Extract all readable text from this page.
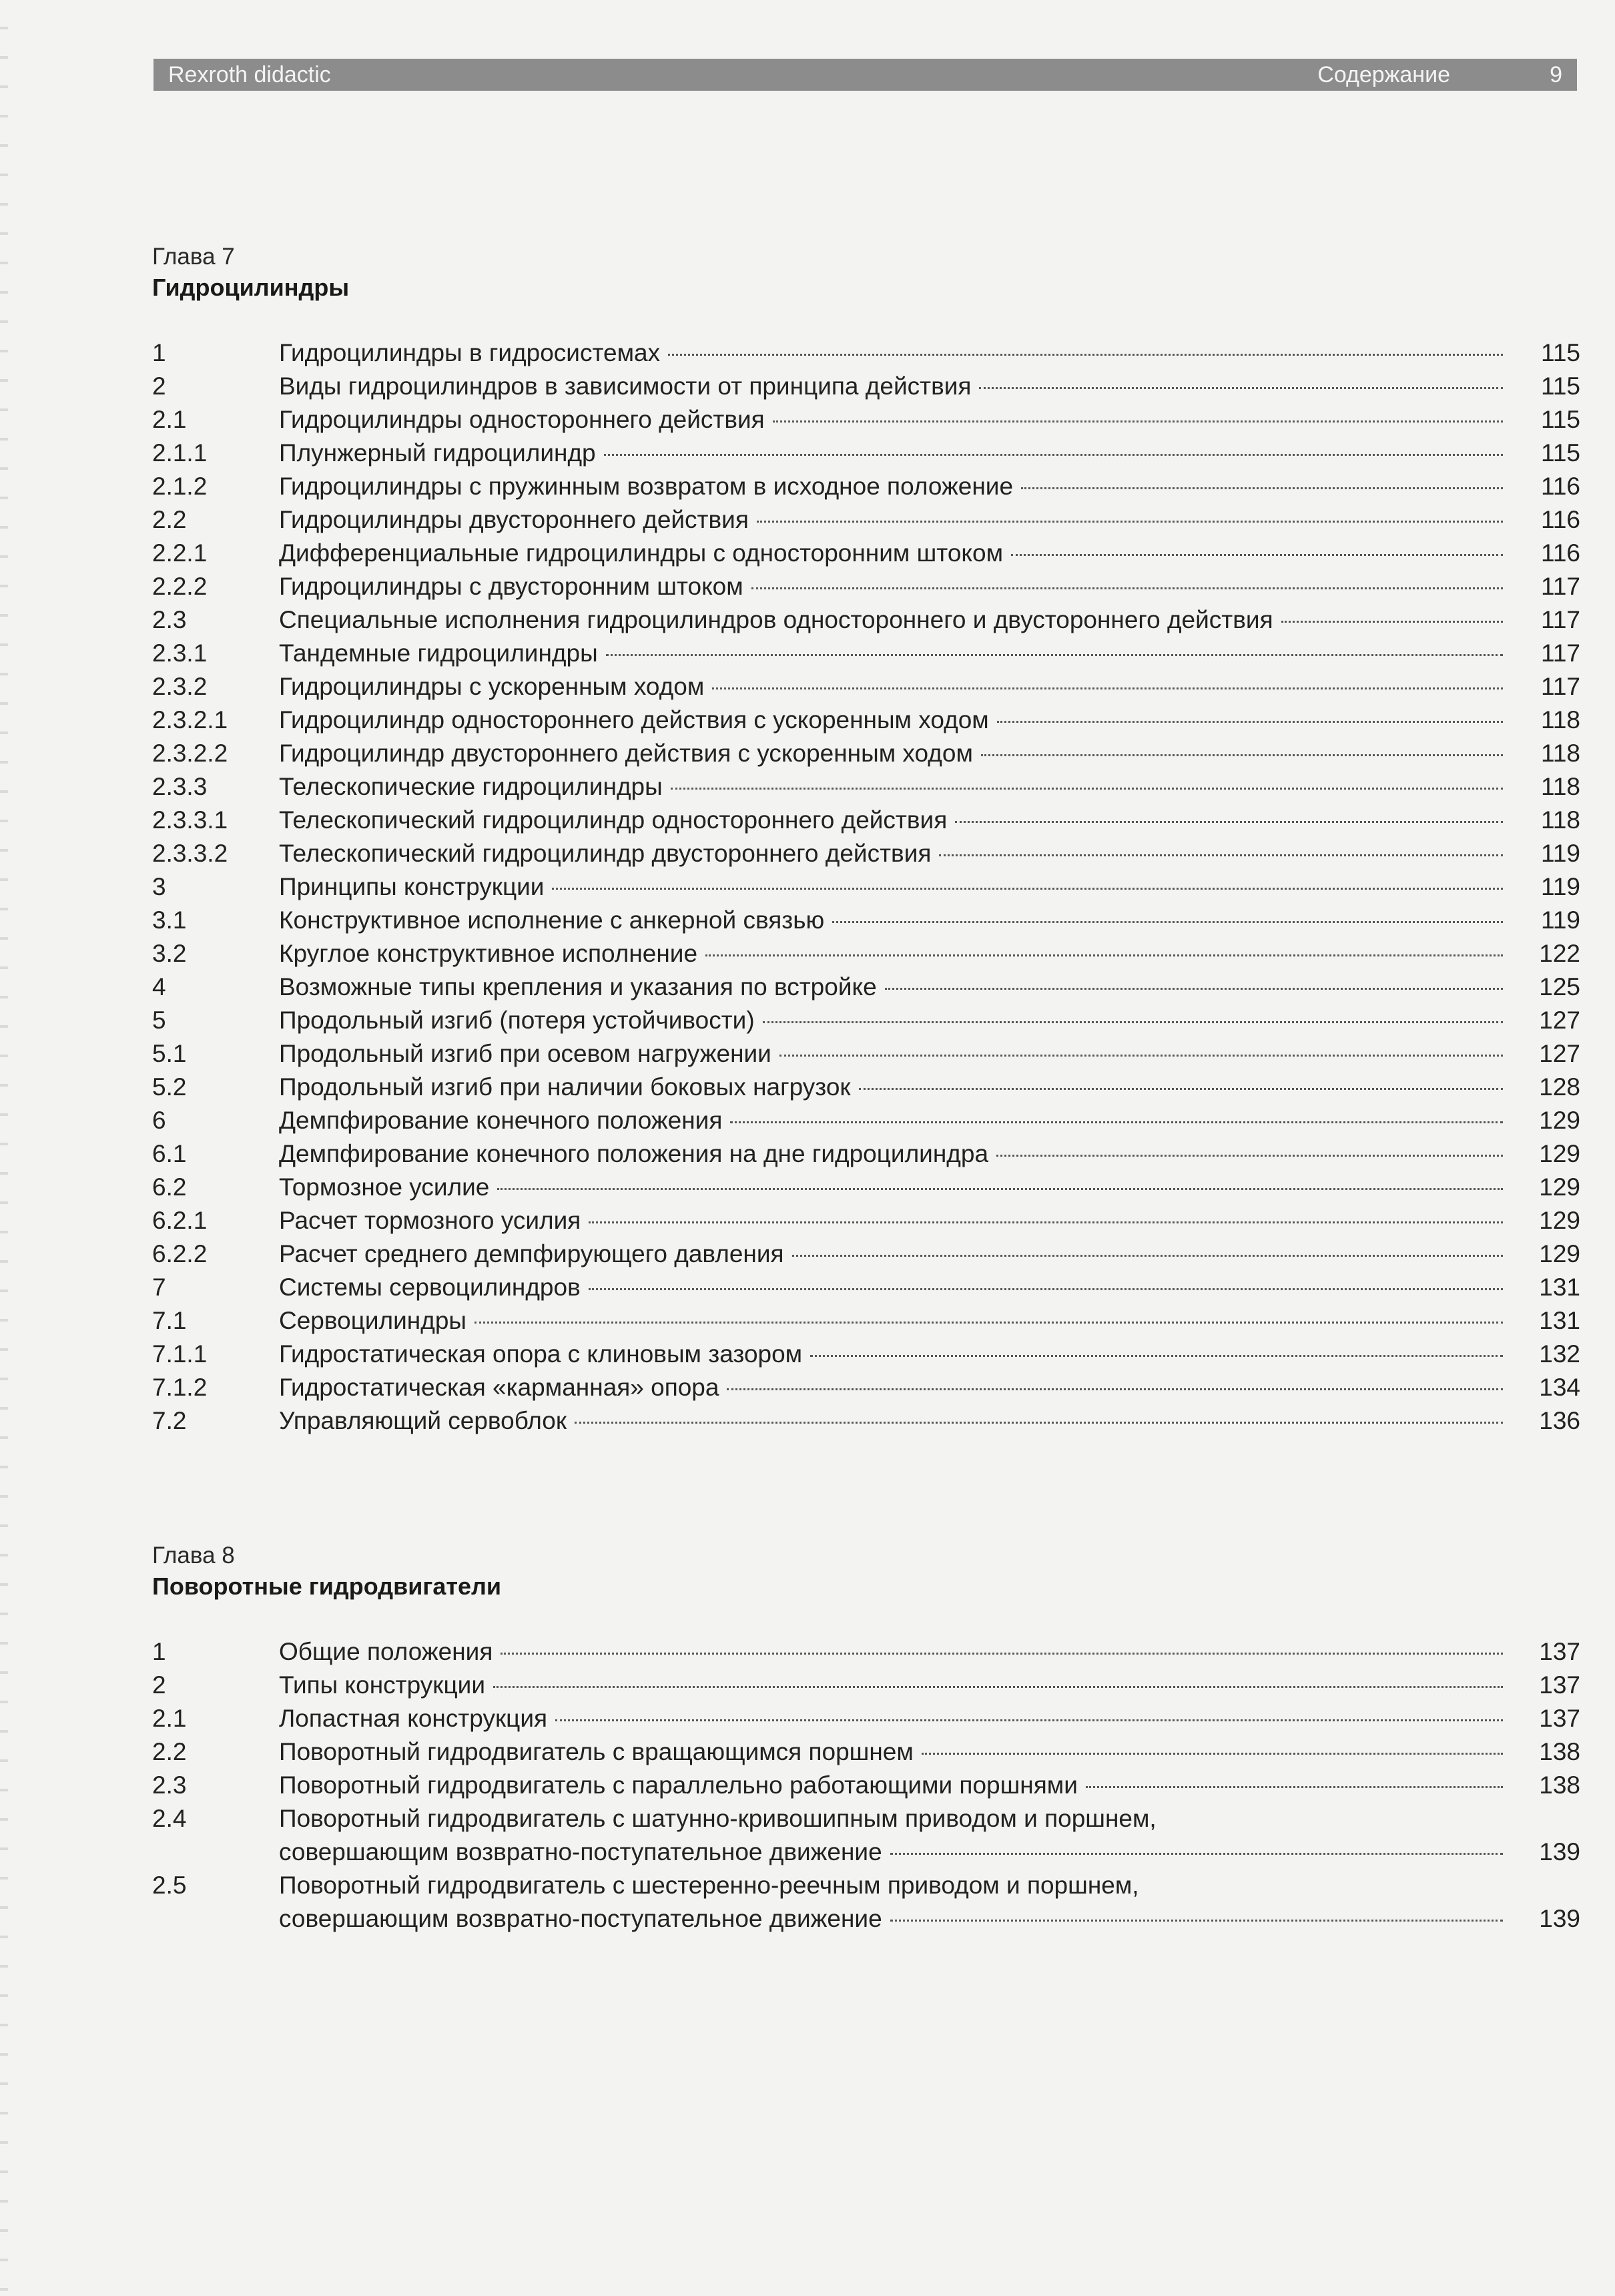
Rexroth didactic	Содержание	9
Глава 7
Гидроцилиндры
1	Гидроцилиндры в гидросистемах	115
2	Виды гидроцилиндров в зависимости от принципа действия	115
2.1	Гидроцилиндры одностороннего действия	115
2.1.1	Плунжерный гидроцилиндр	115
2.1.2	Гидроцилиндры с пружинным возвратом в исходное положение	116
2.2	Гидроцилиндры двустороннего действия	116
2.2.1	Дифференциальные гидроцилиндры с односторонним штоком	116
2.2.2	Гидроцилиндры с двусторонним штоком	117
2.3	Специальные исполнения гидроцилиндров одностороннего и двустороннего действия	117
2.3.1	Тандемные гидроцилиндры	117
2.3.2	Гидроцилиндры с ускоренным ходом	117
2.3.2.1	Гидроцилиндр одностороннего действия с ускоренным ходом	118
2.3.2.2	Гидроцилиндр двустороннего действия с ускоренным ходом	118
2.3.3	Телескопические гидроцилиндры	118
2.3.3.1	Телескопический гидроцилиндр одностороннего действия	118
2.3.3.2	Телескопический гидроцилиндр двустороннего действия	119
3	Принципы конструкции	119
3.1	Конструктивное исполнение с анкерной связью	119
3.2	Круглое конструктивное исполнение	122
4	Возможные типы крепления и указания по встройке	125
5	Продольный изгиб (потеря устойчивости)	127
5.1	Продольный изгиб при осевом нагружении	127
5.2	Продольный изгиб при наличии боковых нагрузок	128
6	Демпфирование конечного положения	129
6.1	Демпфирование конечного положения на дне гидроцилиндра	129
6.2	Тормозное усилие	129
6.2.1	Расчет тормозного усилия	129
6.2.2	Расчет среднего демпфирующего давления	129
7	Системы сервоцилиндров	131
7.1	Сервоцилиндры	131
7.1.1	Гидростатическая опора с клиновым зазором	132
7.1.2	Гидростатическая «карманная» опора	134
7.2	Управляющий сервоблок	136
Глава 8
Поворотные гидродвигатели
1	Общие положения	137
2	Типы конструкции	137
2.1	Лопастная конструкция	137
2.2	Поворотный гидродвигатель с вращающимся поршнем	138
2.3	Поворотный гидродвигатель с параллельно работающими поршнями	138
2.4	Поворотный гидродвигатель с шатунно-кривошипным приводом и поршнем,
совершающим возвратно-поступательное движение	139
2.5	Поворотный гидродвигатель с шестеренно-реечным приводом и поршнем,
совершающим возвратно-поступательное движение	139
